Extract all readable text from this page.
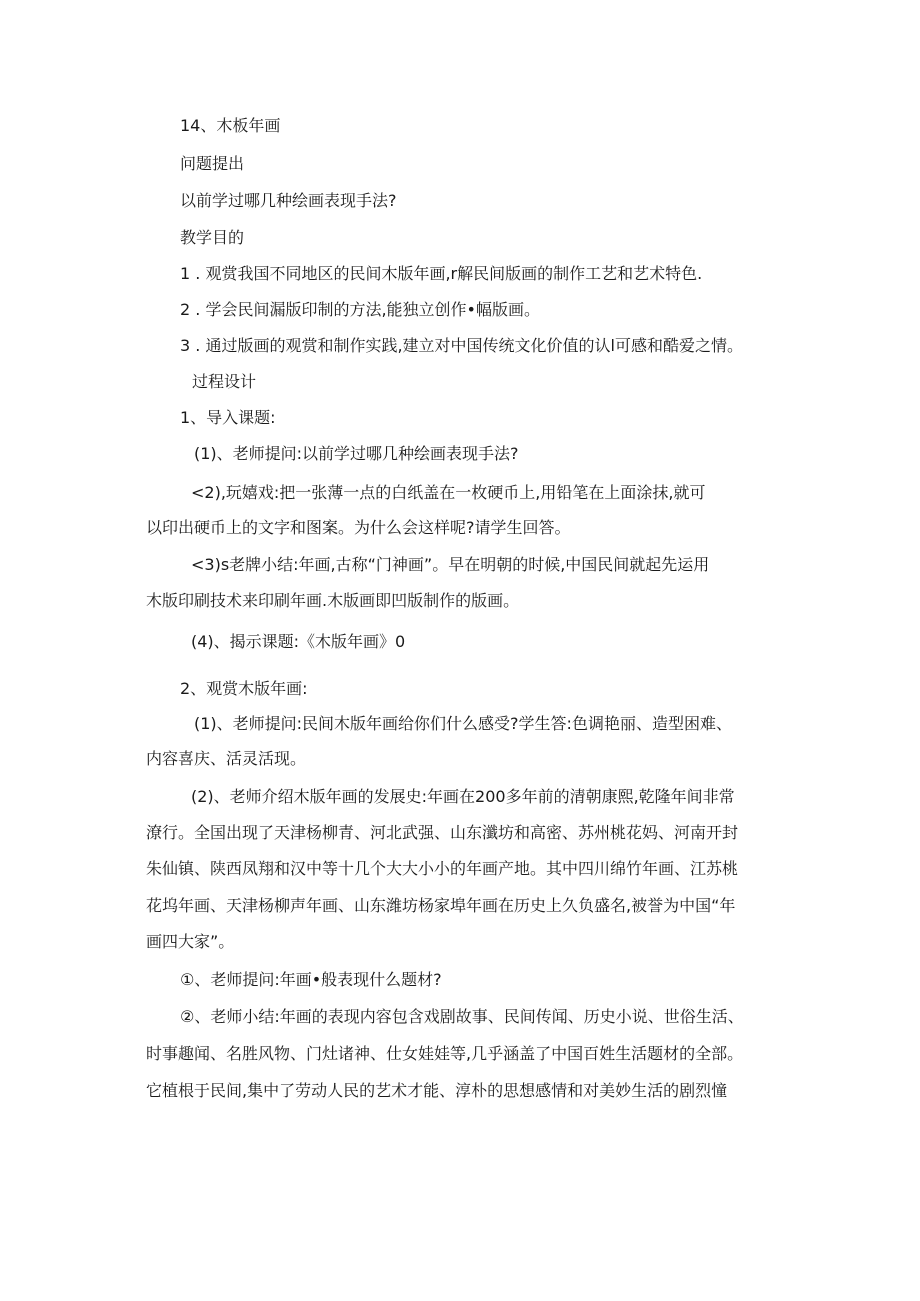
14、木板年画
问题提出
以前学过哪几种绘画表现手法?
教学目的
1 . 观赏我国不同地区的民间木版年画,r解民间版画的制作工艺和艺术特色.
2 . 学会民间漏版印制的方法,能独立创作•幅版画。
3 . 通过版画的观赏和制作实践,建立对中国传统文化价值的认l可感和酷爱之情。
过程设计
1、导入课题:
(1)、老师提问:以前学过哪几种绘画表现手法?
<2),玩嬉戏:把一张薄一点的白纸盖在一枚硬币上,用铅笔在上面涂抹,就可
以印出硬币上的文字和图案。为什么会这样呢?请学生回答。
<3)s老牌小结:年画,古称“门神画”。早在明朝的时候,中国民间就起先运用
木版印刷技术来印刷年画.木版画即凹版制作的版画。
(4)、揭示课题:《木版年画》0
2、观赏木版年画:
(1)、老师提问:民间木版年画给你们什么感受?学生答:色调艳丽、造型困难、
内容喜庆、活灵活现。
(2)、老师介绍木版年画的发展史:年画在200多年前的清朝康熙,乾隆年间非常
潦行。全国出现了天津杨柳青、河北武强、山东瀸坊和高密、苏州桃花妈、河南开封
朱仙镇、陕西凤翔和汉中等十几个大大小小的年画产地。其中四川绵竹年画、江苏桃
花坞年画、天津杨柳声年画、山东潍坊杨家埠年画在历史上久负盛名,被誉为中国“年
画四大家”。
①、老师提问:年画•般表现什么题材?
②、老师小结:年画的表现内容包含戏剧故事、民间传闻、历史小说、世俗生活、
时事趣闻、名胜风物、门灶诸神、仕女娃娃等,几乎涵盖了中国百姓生活题材的全部。
它植根于民间,集中了劳动人民的艺术才能、淳朴的思想感情和对美妙生活的剧烈憧
